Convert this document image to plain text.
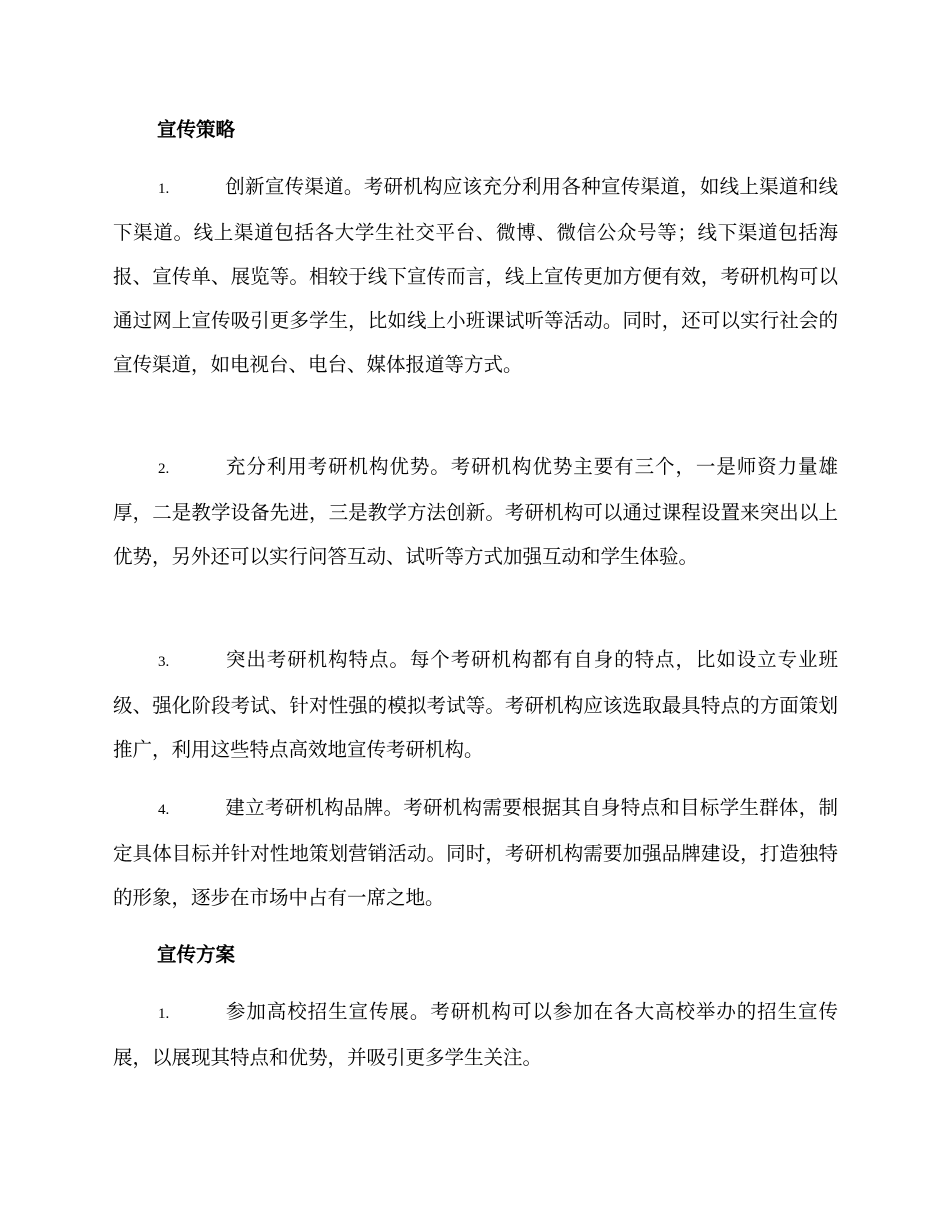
宣传策略
1.	创新宣传渠道。考研机构应该充分利用各种宣传渠道，如线上渠道和线下渠道。线上渠道包括各大学生社交平台、微博、微信公众号等；线下渠道包括海报、宣传单、展览等。相较于线下宣传而言，线上宣传更加方便有效，考研机构可以通过网上宣传吸引更多学生，比如线上小班课试听等活动。同时，还可以实行社会的宣传渠道，如电视台、电台、媒体报道等方式。
2.	充分利用考研机构优势。考研机构优势主要有三个，一是师资力量雄厚，二是教学设备先进，三是教学方法创新。考研机构可以通过课程设置来突出以上优势，另外还可以实行问答互动、试听等方式加强互动和学生体验。
3.	突出考研机构特点。每个考研机构都有自身的特点，比如设立专业班级、强化阶段考试、针对性强的模拟考试等。考研机构应该选取最具特点的方面策划推广，利用这些特点高效地宣传考研机构。
4.	建立考研机构品牌。考研机构需要根据其自身特点和目标学生群体，制定具体目标并针对性地策划营销活动。同时，考研机构需要加强品牌建设，打造独特的形象，逐步在市场中占有一席之地。
宣传方案
1.	参加高校招生宣传展。考研机构可以参加在各大高校举办的招生宣传展，以展现其特点和优势，并吸引更多学生关注。
